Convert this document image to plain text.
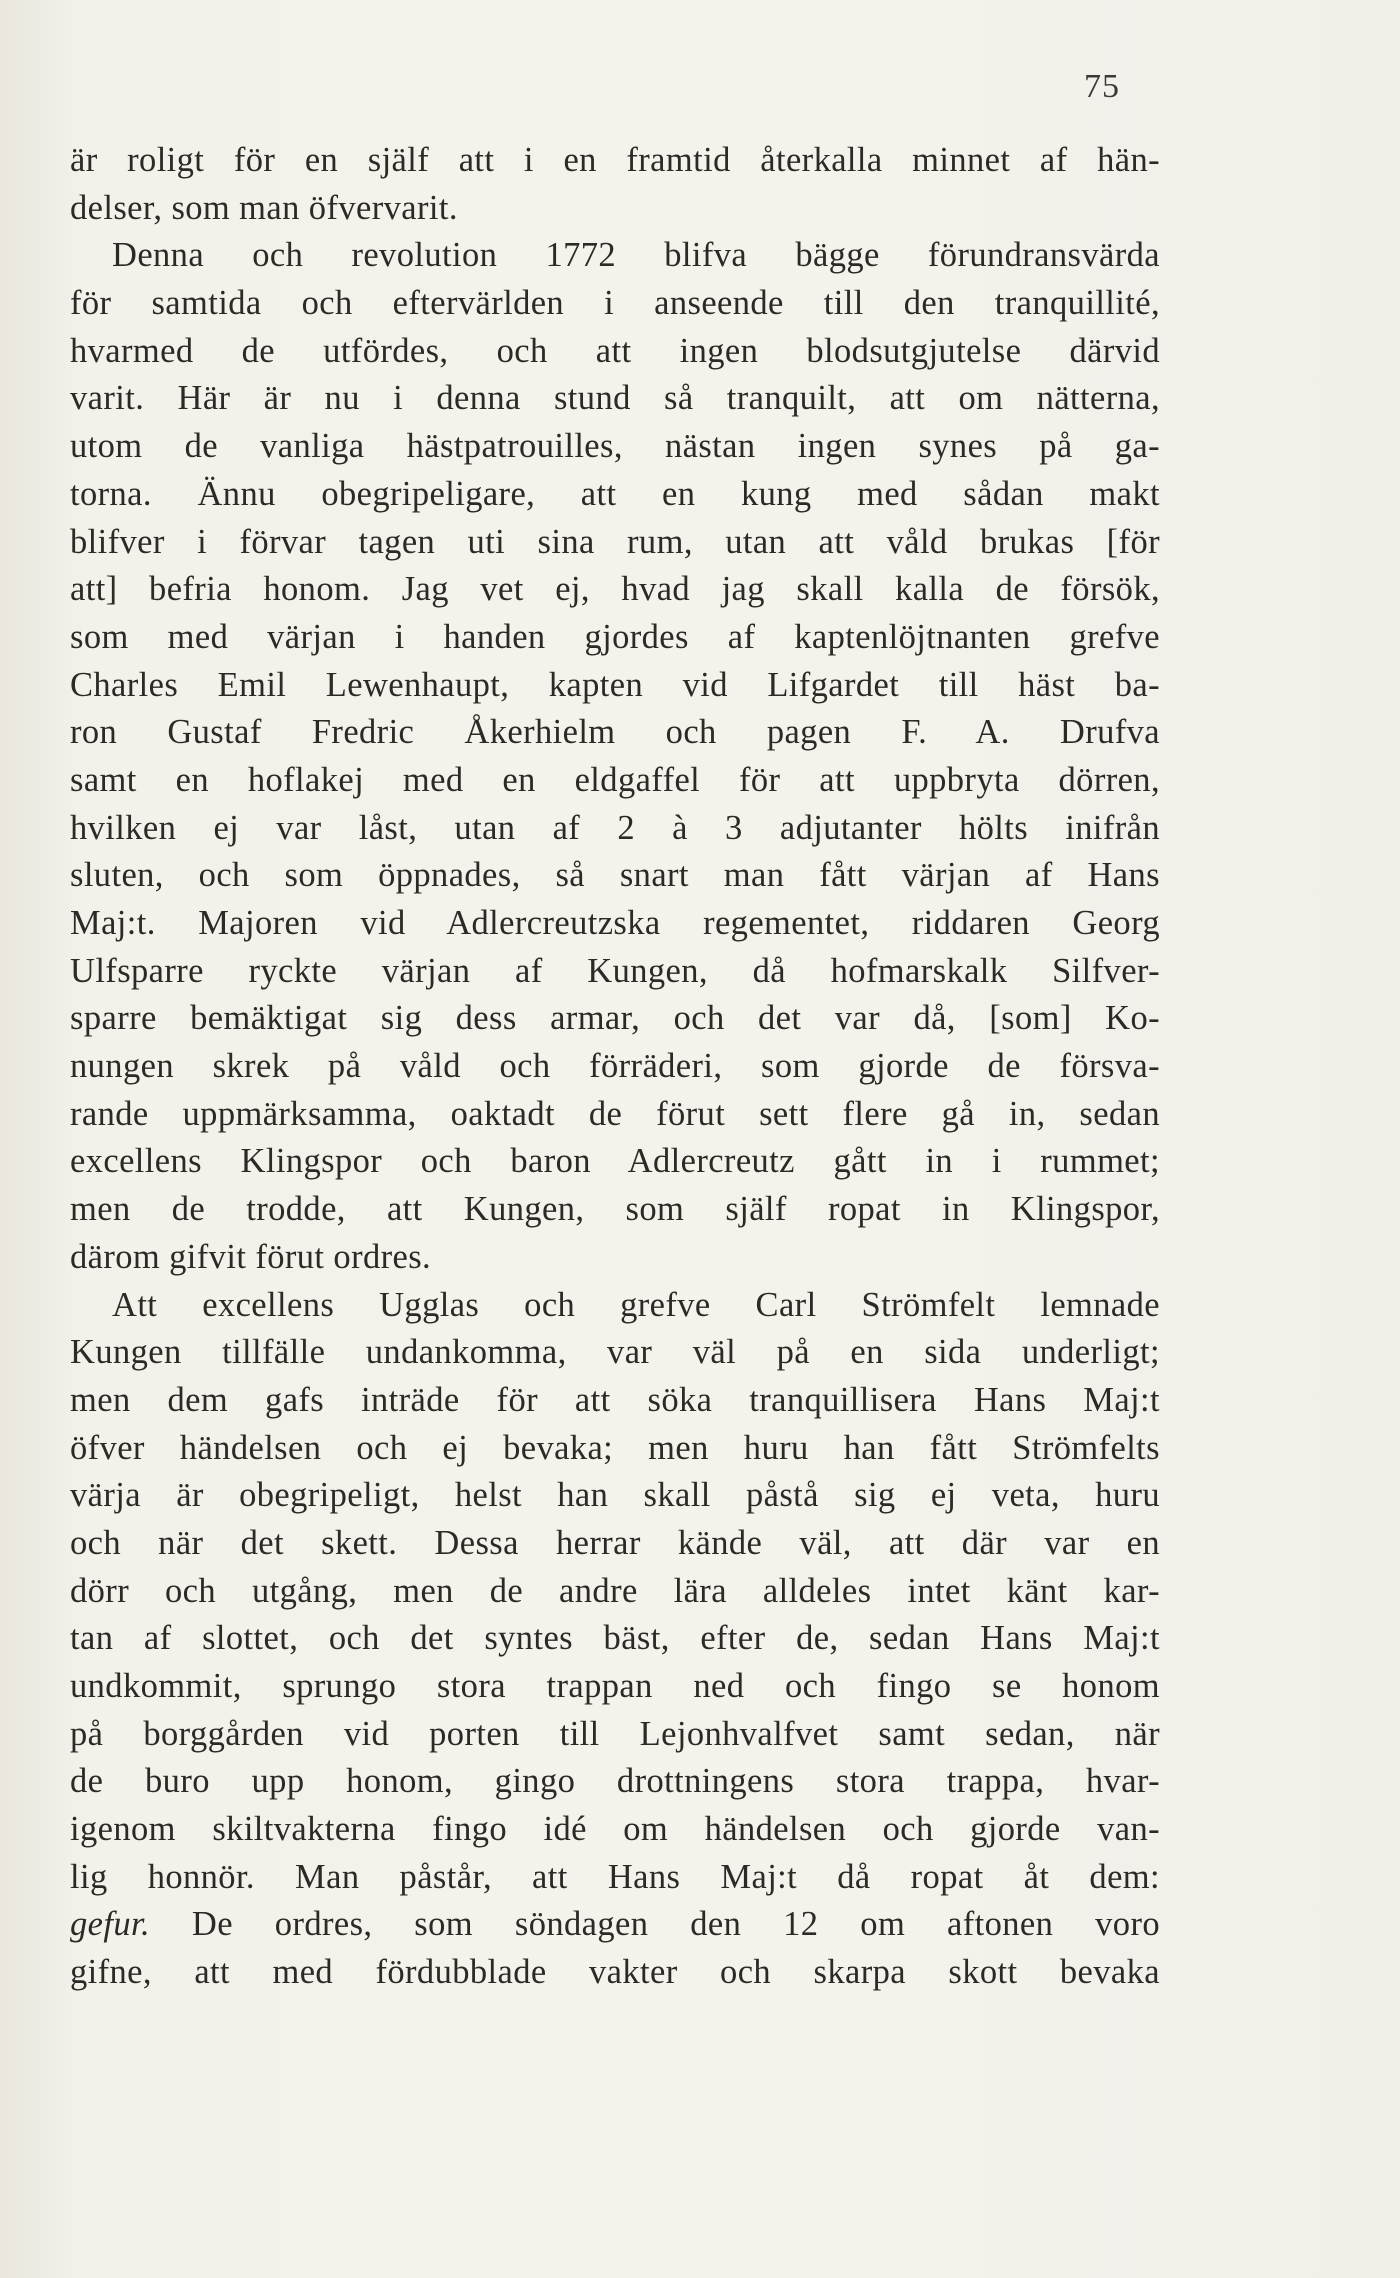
75
är roligt för en själf att i en framtid återkalla minnet af hän-
delser, som man öfvervarit.
Denna och revolution 1772 blifva bägge förundransvärda
för samtida och eftervärlden i anseende till den tranquillité,
hvarmed de utfördes, och att ingen blodsutgjutelse därvid
varit. Här är nu i denna stund så tranquilt, att om nätterna,
utom de vanliga hästpatrouilles, nästan ingen synes på ga-
torna. Ännu obegripeligare, att en kung med sådan makt
blifver i förvar tagen uti sina rum, utan att våld brukas [för
att] befria honom. Jag vet ej, hvad jag skall kalla de försök,
som med värjan i handen gjordes af kaptenlöjtnanten grefve
Charles Emil Lewenhaupt, kapten vid Lifgardet till häst ba-
ron Gustaf Fredric Åkerhielm och pagen F. A. Drufva
samt en hoflakej med en eldgaffel för att uppbryta dörren,
hvilken ej var låst, utan af 2 à 3 adjutanter hölts inifrån
sluten, och som öppnades, så snart man fått värjan af Hans
Maj:t. Majoren vid Adlercreutzska regementet, riddaren Georg
Ulfsparre ryckte värjan af Kungen, då hofmarskalk Silfver-
sparre bemäktigat sig dess armar, och det var då, [som] Ko-
nungen skrek på våld och förräderi, som gjorde de försva-
rande uppmärksamma, oaktadt de förut sett flere gå in, sedan
excellens Klingspor och baron Adlercreutz gått in i rummet;
men de trodde, att Kungen, som själf ropat in Klingspor,
därom gifvit förut ordres.
Att excellens Ugglas och grefve Carl Strömfelt lemnade
Kungen tillfälle undankomma, var väl på en sida underligt;
men dem gafs inträde för att söka tranquillisera Hans Maj:t
öfver händelsen och ej bevaka; men huru han fått Strömfelts
värja är obegripeligt, helst han skall påstå sig ej veta, huru
och när det skett. Dessa herrar kände väl, att där var en
dörr och utgång, men de andre lära alldeles intet känt kar-
tan af slottet, och det syntes bäst, efter de, sedan Hans Maj:t
undkommit, sprungo stora trappan ned och fingo se honom
på borggården vid porten till Lejonhvalfvet samt sedan, när
de buro upp honom, gingo drottningens stora trappa, hvar-
igenom skiltvakterna fingo idé om händelsen och gjorde van-
lig honnör. Man påstår, att Hans Maj:t då ropat åt dem:
gefur. De ordres, som söndagen den 12 om aftonen voro
gifne, att med fördubblade vakter och skarpa skott bevaka
